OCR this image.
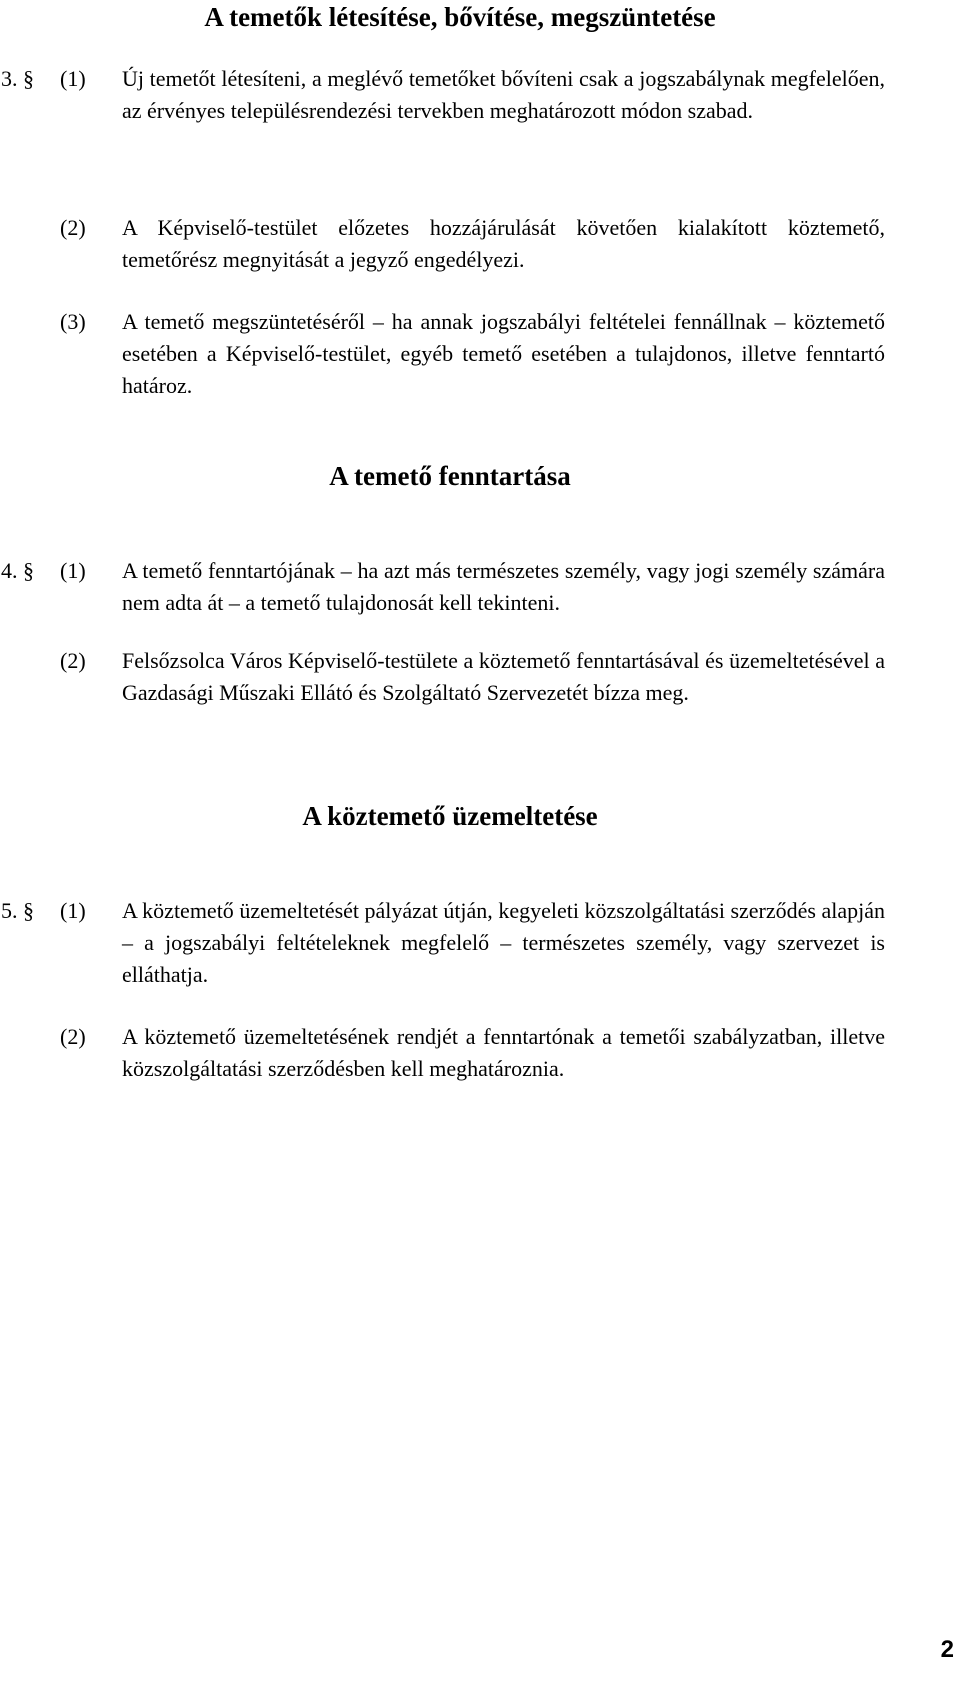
A temetők létesítése, bővítése, megszüntetése
3. § (1)	Új temetőt létesíteni, a meglévő temetőket bővíteni csak a jogszabálynak megfelelően, az érvényes településrendezési tervekben meghatározott módon szabad.
(2)	A Képviselő-testület előzetes hozzájárulását követően kialakított köztemető, temetőrész megnyitását a jegyző engedélyezi.
(3)	A temető megszüntetéséről – ha annak jogszabályi feltételei fennállnak – köztemető esetében a Képviselő-testület, egyéb temető esetében a tulajdonos, illetve fenntartó határoz.
A temető fenntartása
4. § (1)	A temető fenntartójának – ha azt más természetes személy, vagy jogi személy számára nem adta át – a temető tulajdonosát kell tekinteni.
(2)	Felsőzsolca Város Képviselő-testülete a köztemető fenntartásával és üzemeltetésével a Gazdasági Műszaki Ellátó és Szolgáltató Szervezetét bízza meg.
A köztemető üzemeltetése
5. § (1)	A köztemető üzemeltetését pályázat útján, kegyeleti közszolgáltatási szerződés alapján – a jogszabályi feltételeknek megfelelő – természetes személy, vagy szervezet is elláthatja.
(2)	A köztemető üzemeltetésének rendjét a fenntartónak a temetői szabályzatban, illetve közszolgáltatási szerződésben kell meghatároznia.
2
